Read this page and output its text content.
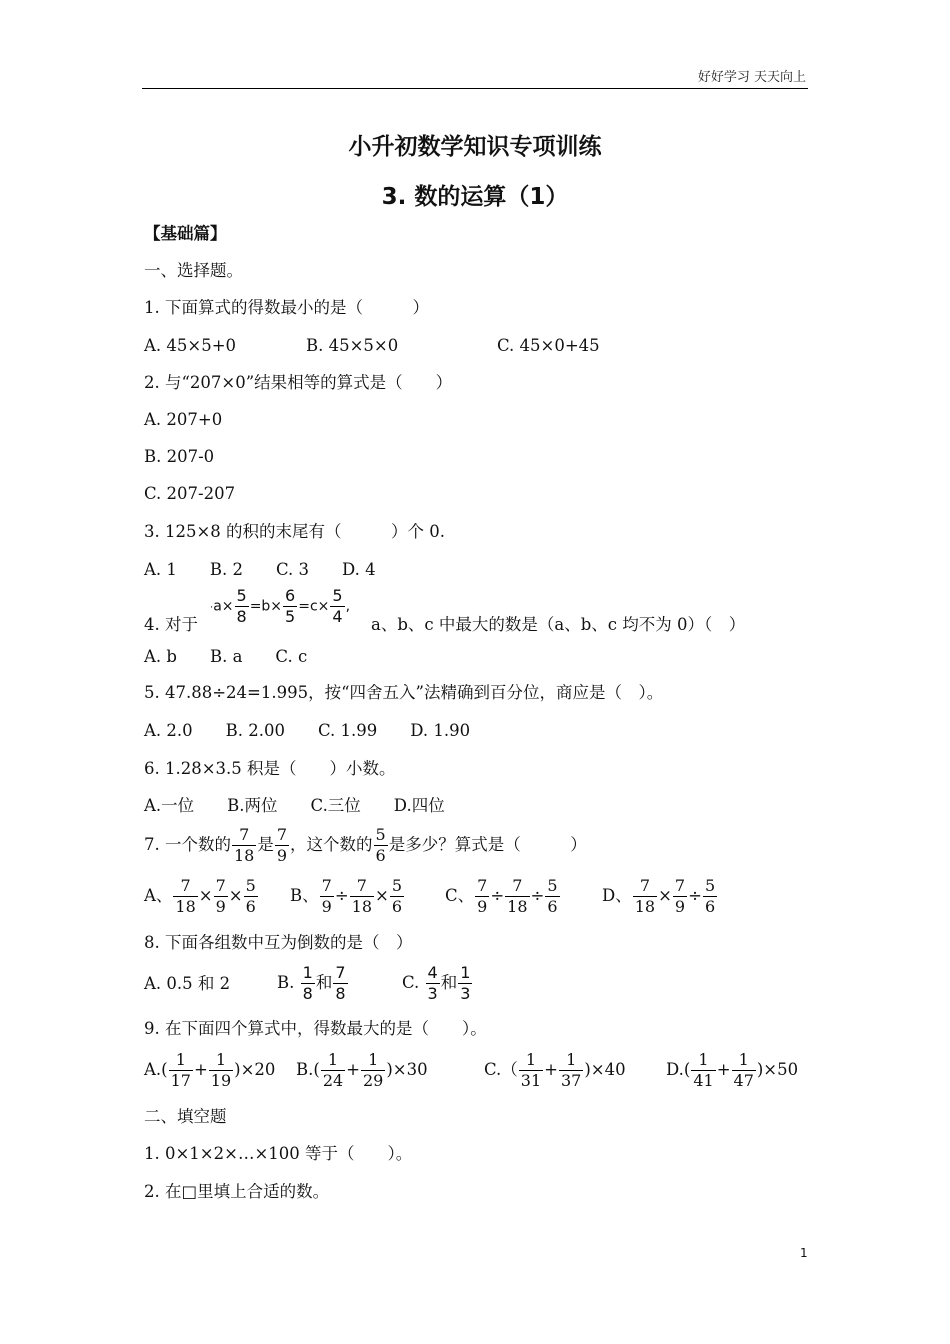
好好学习 天天向上
小升初数学知识专项训练
3. 数的运算（1）
【基础篇】
一、选择题。
1. 下面算式的得数最小的是（　　　）
A. 45×5+0	B. 45×5×0	C. 45×0+45
2. 与“207×0”结果相等的算式是（　　）
A. 207+0
B. 207-0
C. 207-207
3. 125×8 的积的末尾有（　　　）个 0.
A. 1　　B. 2　　C. 3　　D. 4
$\cdot a\times \frac{5}{8} =b\times \frac{6}{5} =c\times \frac{5}{4}$ ,
4. 对于	a、b、c 中最大的数是（a、b、c 均不为 0）（　）
A. b　　B. a　　C. c
5. 47.88÷24=1.995，按“四舍五入”法精确到百分位，商应是（　）。
A. 2.0　　B. 2.00　　C. 1.99　　D. 1.90
6. 1.28×3.5 积是（　　）小数。
A.一位　　B.两位　　C.三位　　D.四位
7. 一个数的 $\frac{7}{18}$ 是 $\frac{7}{9}$ ，这个数的 $\frac{5}{6}$ 是多少？算式是（　　　）
A、 $\frac{7}{18} \times \frac{7}{9} \times \frac{5}{6}$ B、 $\frac{7}{9} \div \frac{7}{18} \times \frac{5}{6}$ C、 $\frac{7}{9} \div \frac{7}{18} \div \frac{5}{6}$	D、 $\frac{7}{18} \times \frac{7}{9} \div \frac{5}{6}$
8. 下面各组数中互为倒数的是（　）
A. 0.5 和 2	B. $\frac{1}{8}$ 和 $\frac{7}{8}$	C. $\frac{4}{3}$ 和 $\frac{1}{3}$
9. 在下面四个算式中，得数最大的是（　　）。
$A.( \frac{1}{17} + \frac{1}{19} )\times 20$ $B.( \frac{1}{24} + \frac{1}{29} )\times 30$	$C.( \frac{1}{31} + \frac{1}{37} )\times 40$ $D.( \frac{1}{41} + \frac{1}{47} )\times 50$
二、填空题
1. 0×1×2×…×100 等于（　　）。
2. 在□里填上合适的数。
1
